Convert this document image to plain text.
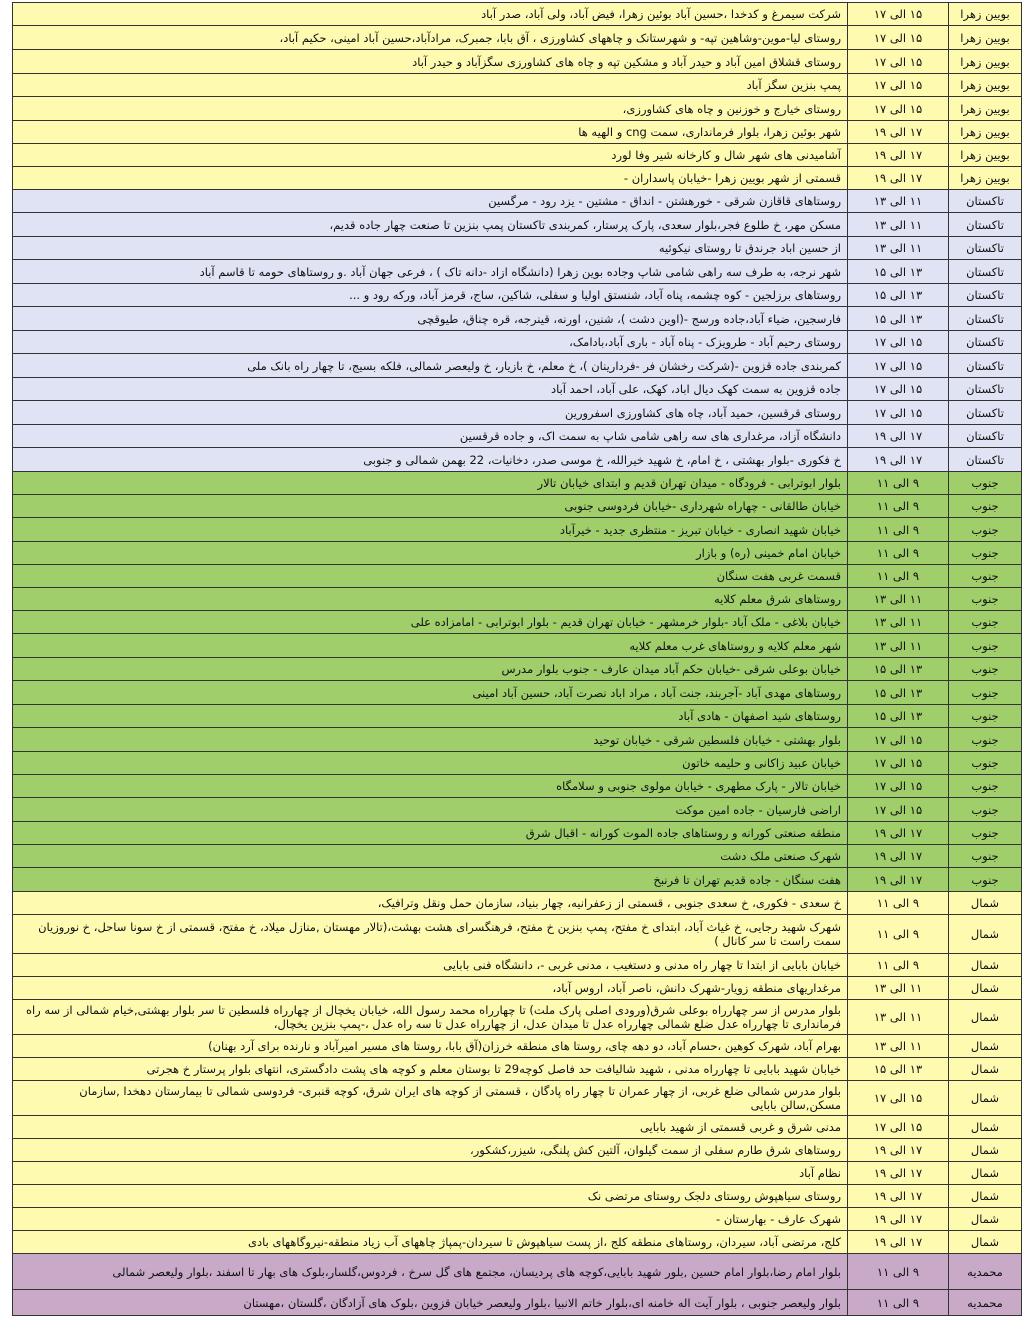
بویین زهرا	۱۵ الی ۱۷	شرکت سیمرغ و کدخدا ،حسین آباد بوئین زهرا، فیض آباد، ولی آباد، صدر آباد
بویین زهرا	۱۵ الی ۱۷	روستای لیا-موین-وشاهین تپه- و شهرستانک و چاههای کشاورزی ، آق بابا، جمبرک، مرادآباد،حسین آباد امینی، حکیم آباد،
بویین زهرا	۱۵ الی ۱۷	روستای قشلاق امین آباد و حیدر آباد و مشکین تپه و چاه های کشاورزی سگزآباد و حیدر آباد
بویین زهرا	۱۵ الی ۱۷	پمپ بنزین سگز آباد
بویین زهرا	۱۵ الی ۱۷	روستای خیارج و خوزنین و چاه های کشاورزی،
بویین زهرا	۱۷ الی ۱۹	شهر بوئین زهرا، بلوار فرمانداری، سمت cng و الهیه ها
بویین زهرا	۱۷ الی ۱۹	آشامیدنی های شهر شال و کارخانه شیر وفا لورد
بویین زهرا	۱۷ الی ۱۹	قسمتی از شهر بویین زهرا -خیابان پاسداران -
تاکستان	۱۱ الی ۱۳	روستاهای قاقازن شرقی - خورهشتن - انداق - مشتین - یزد رود - مرگسین
تاکستان	۱۱ الی ۱۳	مسکن مهر، خ طلوع فجر،بلوار سعدی، پارک پرستار، کمربندی تاکستان پمپ بنزین تا صنعت چهار جاده قدیم،
تاکستان	۱۱ الی ۱۳	از حسین اباد جرندق تا روستای نیکوئیه
تاکستان	۱۳ الی ۱۵	شهر نرجه، به طرف سه راهی شامی شاپ وجاده بوین زهرا (دانشگاه ازاد -دانه تاک ) ، فرعی جهان آباد .و روستاهای حومه تا قاسم آباد
تاکستان	۱۳ الی ۱۵	روستاهای برزلجین - کوه چشمه، پناه آباد، شنستق اولیا و سفلی، شاکین، ساج، قرمز آباد، ورکه رود و ...
تاکستان	۱۳ الی ۱۵	فارسجین، ضیاء آباد،جاده ورسج -(اوین دشت )، شنین، اورنه، قینرجه، قره چناق، طیوقچی
تاکستان	۱۵ الی ۱۷	روستای رحیم آباد - طرویزک - پناه آباد - باری آباد،بادامک،
تاکستان	۱۵ الی ۱۷	کمربندی جاده قزوین -(شرکت رخشان فر -فردارینان )، خ معلم، خ بازیار، خ ولیعصر شمالی، فلکه بسیج، تا چهار راه بانک ملی
تاکستان	۱۵ الی ۱۷	جاده قزوین به سمت کهک دیال اباد، کهک، علی آباد، احمد آباد
تاکستان	۱۵ الی ۱۷	روستای قرقسین، حمید آباد، چاه های کشاورزی اسفرورین
تاکستان	۱۷ الی ۱۹	دانشگاه آزاد، مرغداری های سه راهی شامی شاپ به سمت اک، و جاده قرقسین
تاکستان	۱۷ الی ۱۹	خ فکوری -بلوار بهشتی ، خ امام، خ شهید خیرالله، خ موسی صدر، دخانیات، 22 بهمن شمالی و جنوبی
جنوب	۹ الی ۱۱	بلوار ابوترابی - فرودگاه - میدان تهران قدیم و ابتدای خیابان تالار
جنوب	۹ الی ۱۱	خیابان طالقانی - چهاراه شهرداری -خیابان فردوسی جنوبی
جنوب	۹ الی ۱۱	خیابان شهید انصاری - خیابان تبریز - منتظری جدید - خیرآباد
جنوب	۹ الی ۱۱	خیابان امام خمینی (ره) و بازار
جنوب	۹ الی ۱۱	قسمت غربی هفت سنگان
جنوب	۱۱ الی ۱۳	روستاهای شرق معلم کلایه
جنوب	۱۱ الی ۱۳	خیابان بلاغی - ملک آباد -بلوار خرمشهر - خیابان تهران قدیم - بلوار ابوترابی - امامزاده علی
جنوب	۱۱ الی ۱۳	شهر معلم کلایه و روستاهای غرب معلم کلایه
جنوب	۱۳ الی ۱۵	خیابان بوعلی شرقی -خیابان حکم آباد میدان عارف - جنوب بلوار مدرس
جنوب	۱۳ الی ۱۵	روستاهای مهدی آباد -آجربند، جنت آباد ، مراد اباد نصرت آباد، حسین آباد امینی
جنوب	۱۳ الی ۱۵	روستاهای شید اصفهان - هادی آباد
جنوب	۱۵ الی ۱۷	بلوار بهشتی - خیابان فلسطین شرقی - خیابان توحید
جنوب	۱۵ الی ۱۷	خیابان عبید زاکانی و حلیمه خاتون
جنوب	۱۵ الی ۱۷	خیابان تالار - پارک مطهری - خیابان مولوی جنوبی و سلامگاه
جنوب	۱۵ الی ۱۷	اراضی فارسیان - جاده امین موکت
جنوب	۱۷ الی ۱۹	منطقه صنعتی کورانه و روستاهای جاده الموت کورانه - اقبال شرق
جنوب	۱۷ الی ۱۹	شهرک صنعتی ملک دشت
جنوب	۱۷ الی ۱۹	هفت سنگان - جاده قدیم تهران تا فرنبخ
شمال	۹ الی ۱۱	خ سعدی - فکوری، خ سعدی جنوبی ، قسمتی از زعفرانیه، چهار بنیاد، سازمان حمل ونقل وترافیک،
شمال	۹ الی ۱۱	شهرک شهید رجایی، خ غیاث آباد، ابتدای خ مفتح، پمپ بنزین خ مفتح، فرهنگسرای هشت بهشت،(تالار مهستان ,منازل میلاد، خ مفتح، قسمتی از خ سونا ساحل، خ نوروزیان سمت راست تا سر کانال )
شمال	۹ الی ۱۱	خیابان بابایی از ابتدا تا چهار راه مدنی و دستغیب ، مدنی غربی -، دانشگاه فنی بابایی
شمال	۱۱ الی ۱۳	مرغداریهای منطقه زویار-شهرک دانش، ناصر آباد، اروس آباد،
شمال	۱۱ الی ۱۳	بلوار مدرس از سر چهارراه بوعلی شرق(ورودی اصلی پارک ملت) تا چهارراه محمد رسول الله، خیابان یخچال از چهارراه فلسطین تا سر بلوار بهشتی,خیام شمالی از سه راه فرمانداری تا چهارراه عدل ضلع شمالی چهارراه عدل تا میدان عدل، از چهارراه عدل تا سه راه عدل ،-پمپ بنزین یخچال،
شمال	۱۱ الی ۱۳	بهرام آباد، شهرک کوهین ،حسام آباد، دو دهه چای، روستا های منطقه خرزان(آق بابا، روستا های مسیر امیرآباد و نارنده برای آرد بهنان)
شمال	۱۳ الی ۱۵	خیابان شهید بابایی تا چهارراه مدنی ، شهید شالیافت حد فاصل کوچه29 تا بوستان معلم و کوچه های پشت دادگستری، انتهای بلوار پرستار خ هجرتی
شمال	۱۵ الی ۱۷	بلوار مدرس شمالی ضلع غربی، از چهار عمران تا چهار راه پادگان ، قسمتی از کوچه های ایران شرق، کوچه قنبری- فردوسی شمالی تا بیمارستان دهخدا ,سازمان مسکن,سالن بابایی
شمال	۱۵ الی ۱۷	مدنی شرق و غربی قسمتی از شهید بابایی
شمال	۱۷ الی ۱۹	روستاهای شرق طارم سفلی از سمت گیلوان، آلتین کش پلنگی، شیزر،کشکور،
شمال	۱۷ الی ۱۹	نظام آباد
شمال	۱۷ الی ۱۹	روستای سیاهپوش روستای دلجک روستای مرتضی نک
شمال	۱۷ الی ۱۹	شهرک عارف - بهارستان -
شمال	۱۷ الی ۱۹	کلج، مرتضی آباد، سیردان، روستاهای منطقه کلج ،از پست سیاهپوش تا سیردان-پمپاژ چاههای آب زیاد منطقه-نیروگاههای بادی
محمدیه	۹ الی ۱۱	بلوار امام رضا،بلوار امام حسین ,بلور شهید بابایی،کوچه های پردیسان، مجتمع های گل سرخ ، فردوس،گلسار،بلوک های بهار تا اسفند ،بلوار ولیعصر شمالی
محمدیه	۹ الی ۱۱	بلوار ولیعصر جنوبی ، بلوار آیت اله خامنه ای،بلوار خاتم الانبیا ،بلوار ولیعصر خیابان قزوین ،بلوک های آزادگان ،گلستان ،مهستان
